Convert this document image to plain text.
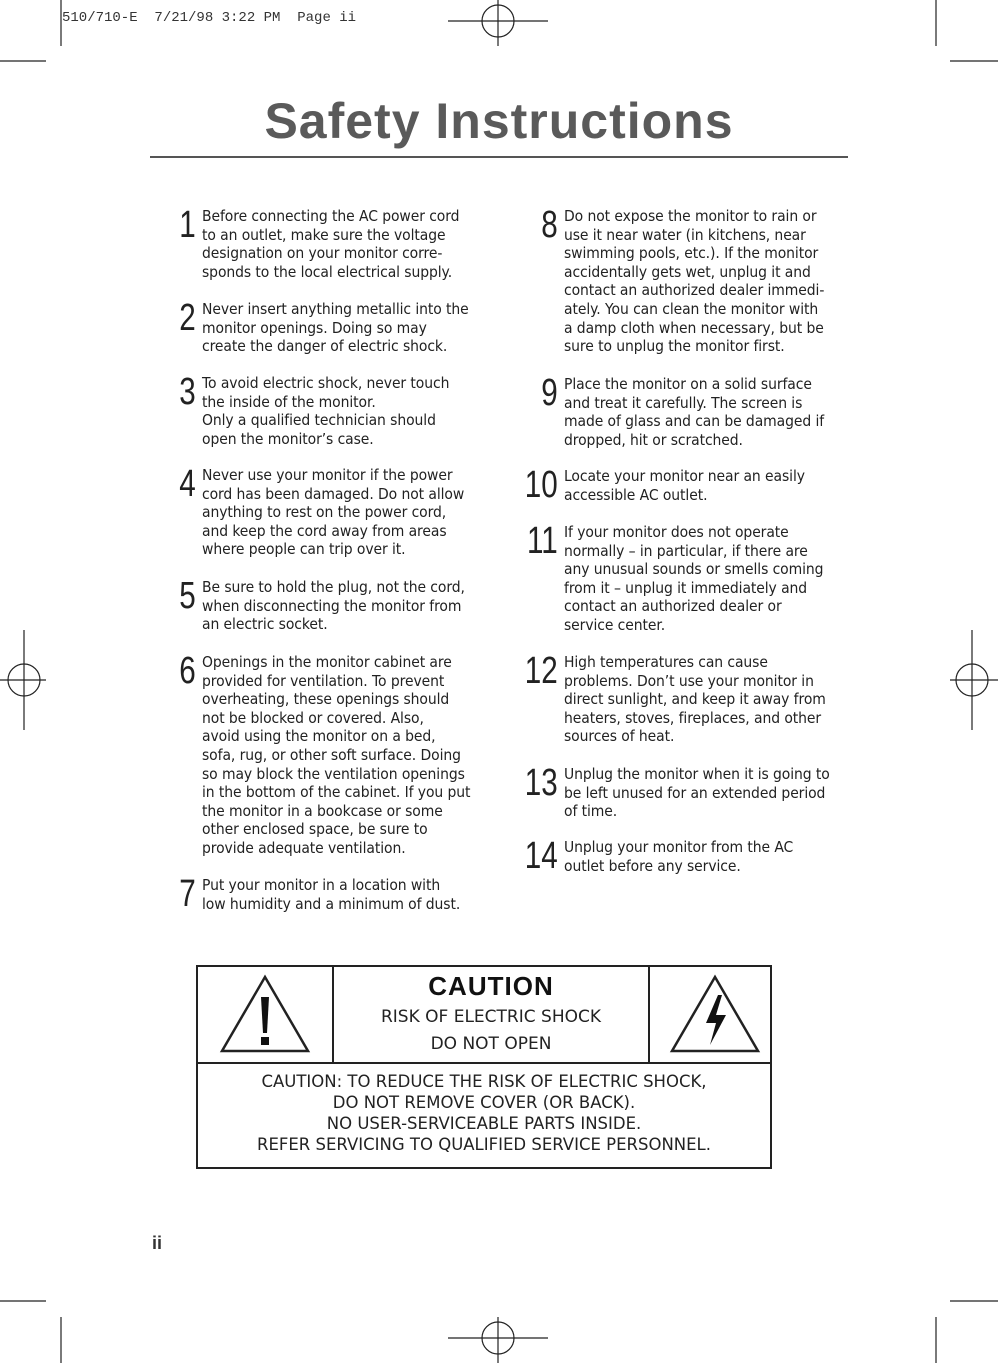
510/710-E  7/21/98 3:22 PM  Page ii
Safety Instructions
1 Before connecting the AC power cord
to an outlet, make sure the voltage
designation on your monitor corre-
sponds to the local electrical supply.
2 Never insert anything metallic into the
monitor openings. Doing so may
create the danger of electric shock.
3 To avoid electric shock, never touch
the inside of the monitor.
Only a qualified technician should
open the monitor’s case.
4 Never use your monitor if the power
cord has been damaged. Do not allow
anything to rest on the power cord,
and keep the cord away from areas
where people can trip over it.
5 Be sure to hold the plug, not the cord,
when disconnecting the monitor from
an electric socket.
6 Openings in the monitor cabinet are
provided for ventilation. To prevent
overheating, these openings should
not be blocked or covered. Also,
avoid using the monitor on a bed,
sofa, rug, or other soft surface. Doing
so may block the ventilation openings
in the bottom of the cabinet. If you put
the monitor in a bookcase or some
other enclosed space, be sure to
provide adequate ventilation.
7 Put your monitor in a location with
low humidity and a minimum of dust.
8 Do not expose the monitor to rain or
use it near water (in kitchens, near
swimming pools, etc.). If the monitor
accidentally gets wet, unplug it and
contact an authorized dealer immedi-
ately. You can clean the monitor with
a damp cloth when necessary, but be
sure to unplug the monitor first.
9 Place the monitor on a solid surface
and treat it carefully. The screen is
made of glass and can be damaged if
dropped, hit or scratched.
10 Locate your monitor near an easily
accessible AC outlet.
11 If your monitor does not operate
normally – in particular, if there are
any unusual sounds or smells coming
from it – unplug it immediately and
contact an authorized dealer or
service center.
12 High temperatures can cause
problems. Don’t use your monitor in
direct sunlight, and keep it away from
heaters, stoves, fireplaces, and other
sources of heat.
13 Unplug the monitor when it is going to
be left unused for an extended period
of time.
14 Unplug your monitor from the AC
outlet before any service.
CAUTION
RISK OF ELECTRIC SHOCK
DO NOT OPEN
CAUTION: TO REDUCE THE RISK OF ELECTRIC SHOCK,
DO NOT REMOVE COVER (OR BACK).
NO USER-SERVICEABLE PARTS INSIDE.
REFER SERVICING TO QUALIFIED SERVICE PERSONNEL.
ii
